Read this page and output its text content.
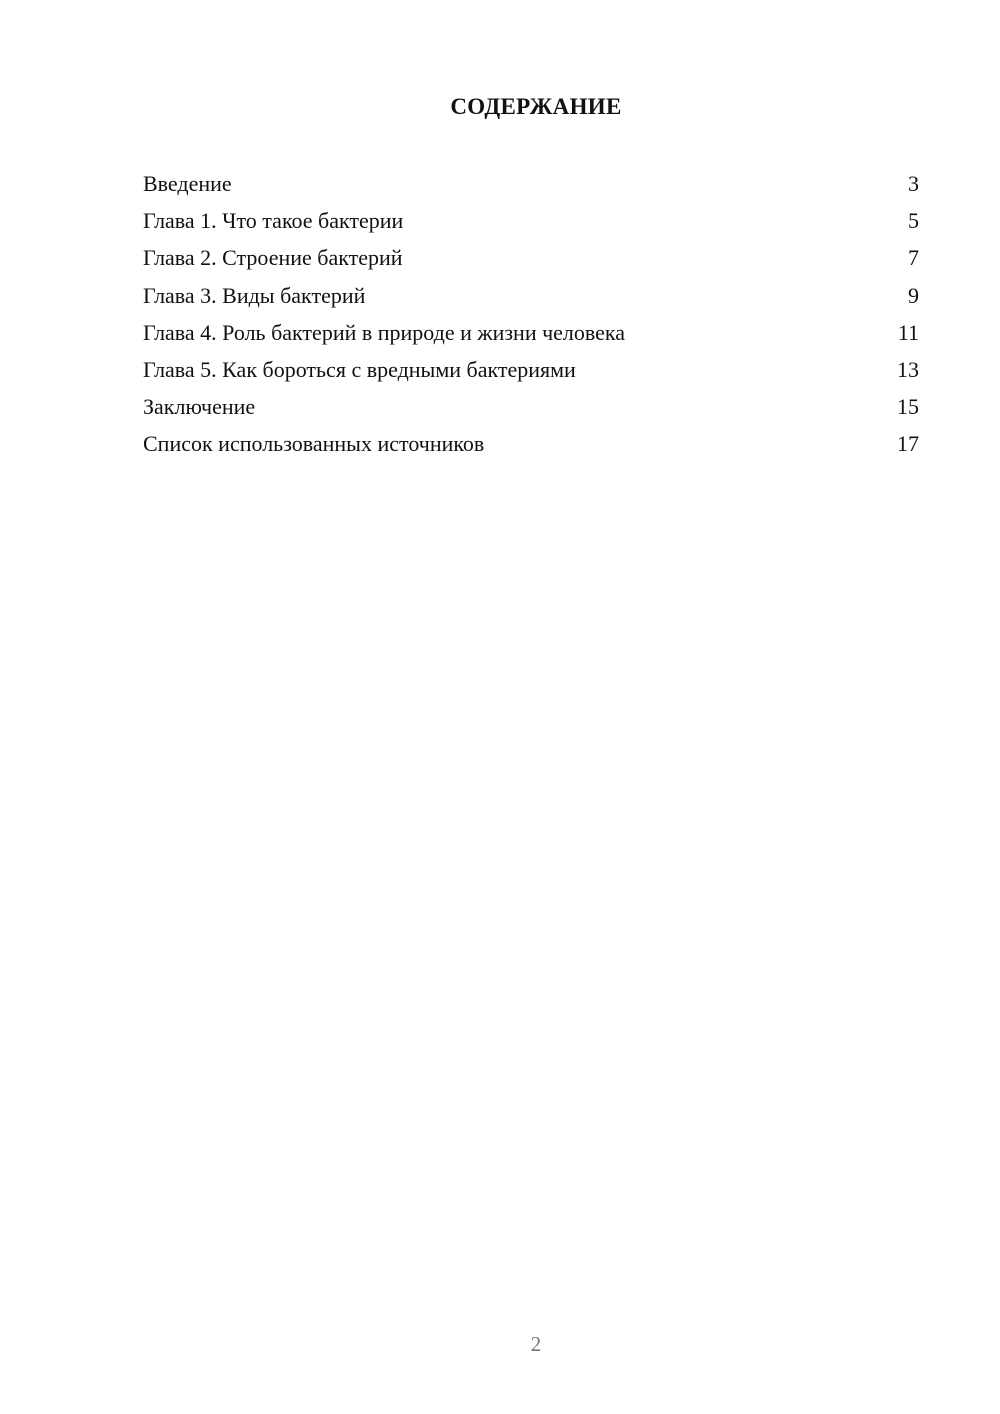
СОДЕРЖАНИЕ
Введение	3
Глава 1. Что такое бактерии	5
Глава 2. Строение бактерий	7
Глава 3. Виды бактерий	9
Глава 4. Роль бактерий в природе и жизни человека	11
Глава 5. Как бороться с вредными бактериями	13
Заключение	15
Список использованных источников	17
2
